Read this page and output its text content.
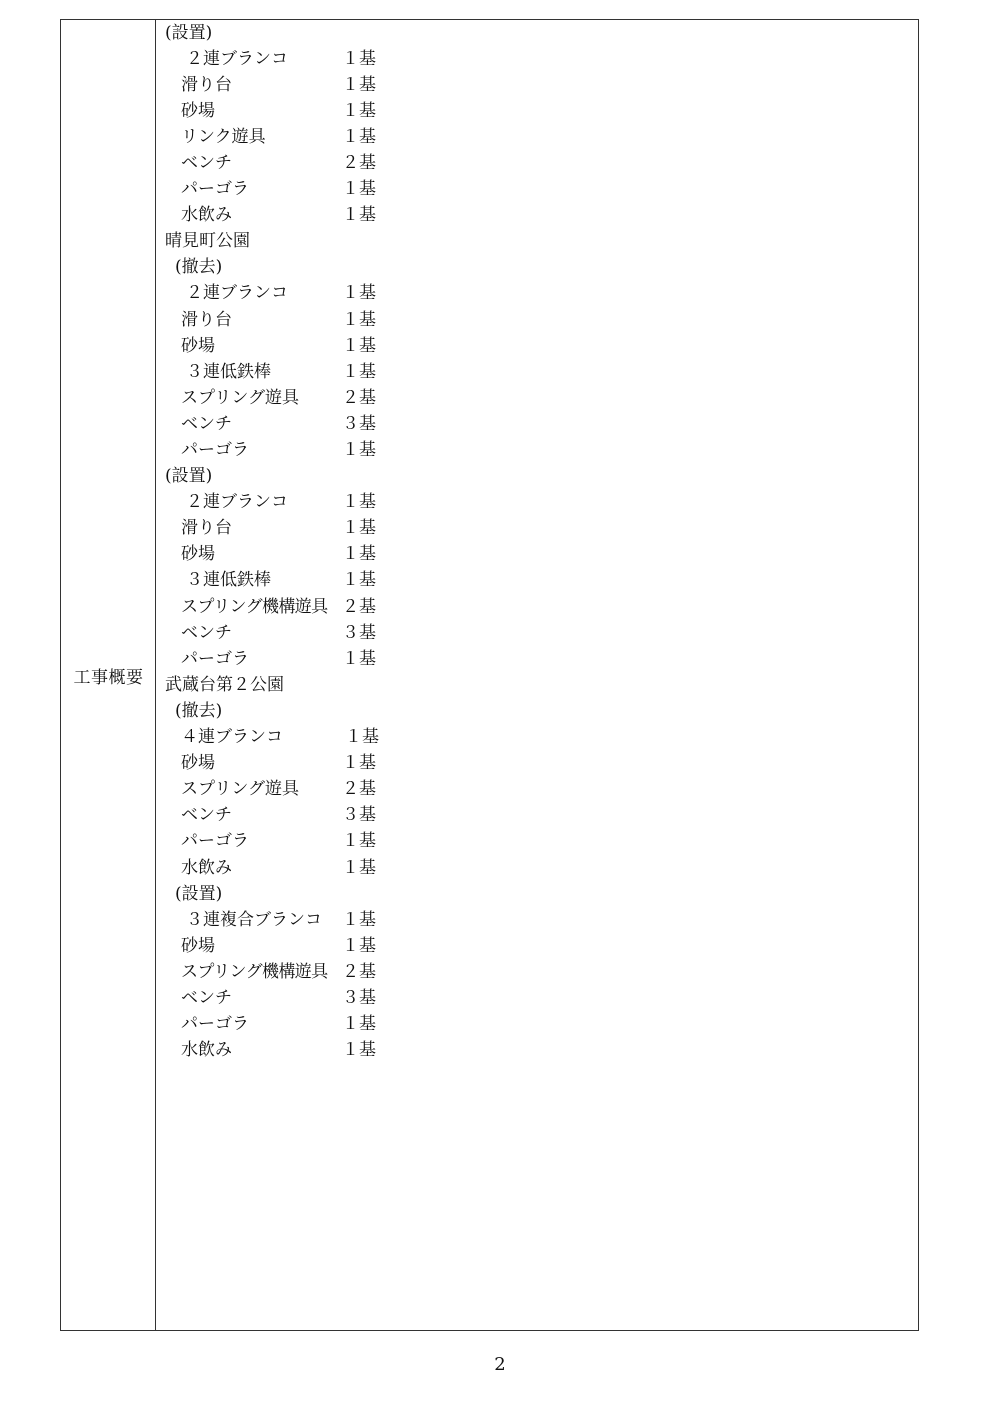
工事概要
(設置)
２連ブランコ	１基
滑り台	１基
砂場	１基
リンク遊具	１基
ベンチ	２基
パーゴラ	１基
水飲み	１基
晴見町公園
(撤去)
２連ブランコ	１基
滑り台	１基
砂場	１基
３連低鉄棒	１基
スプリング遊具	２基
ベンチ	３基
パーゴラ	１基
(設置)
２連ブランコ	１基
滑り台	１基
砂場	１基
３連低鉄棒	１基
スプリング機構遊具 ２基
ベンチ	３基
パーゴラ	１基
武蔵台第２公園
(撤去)
４連ブランコ	１基
砂場	１基
スプリング遊具	２基
ベンチ	３基
パーゴラ	１基
水飲み	１基
(設置)
３連複合ブランコ １基
砂場	１基
スプリング機構遊具 ２基
ベンチ	３基
パーゴラ	１基
水飲み	１基
2
